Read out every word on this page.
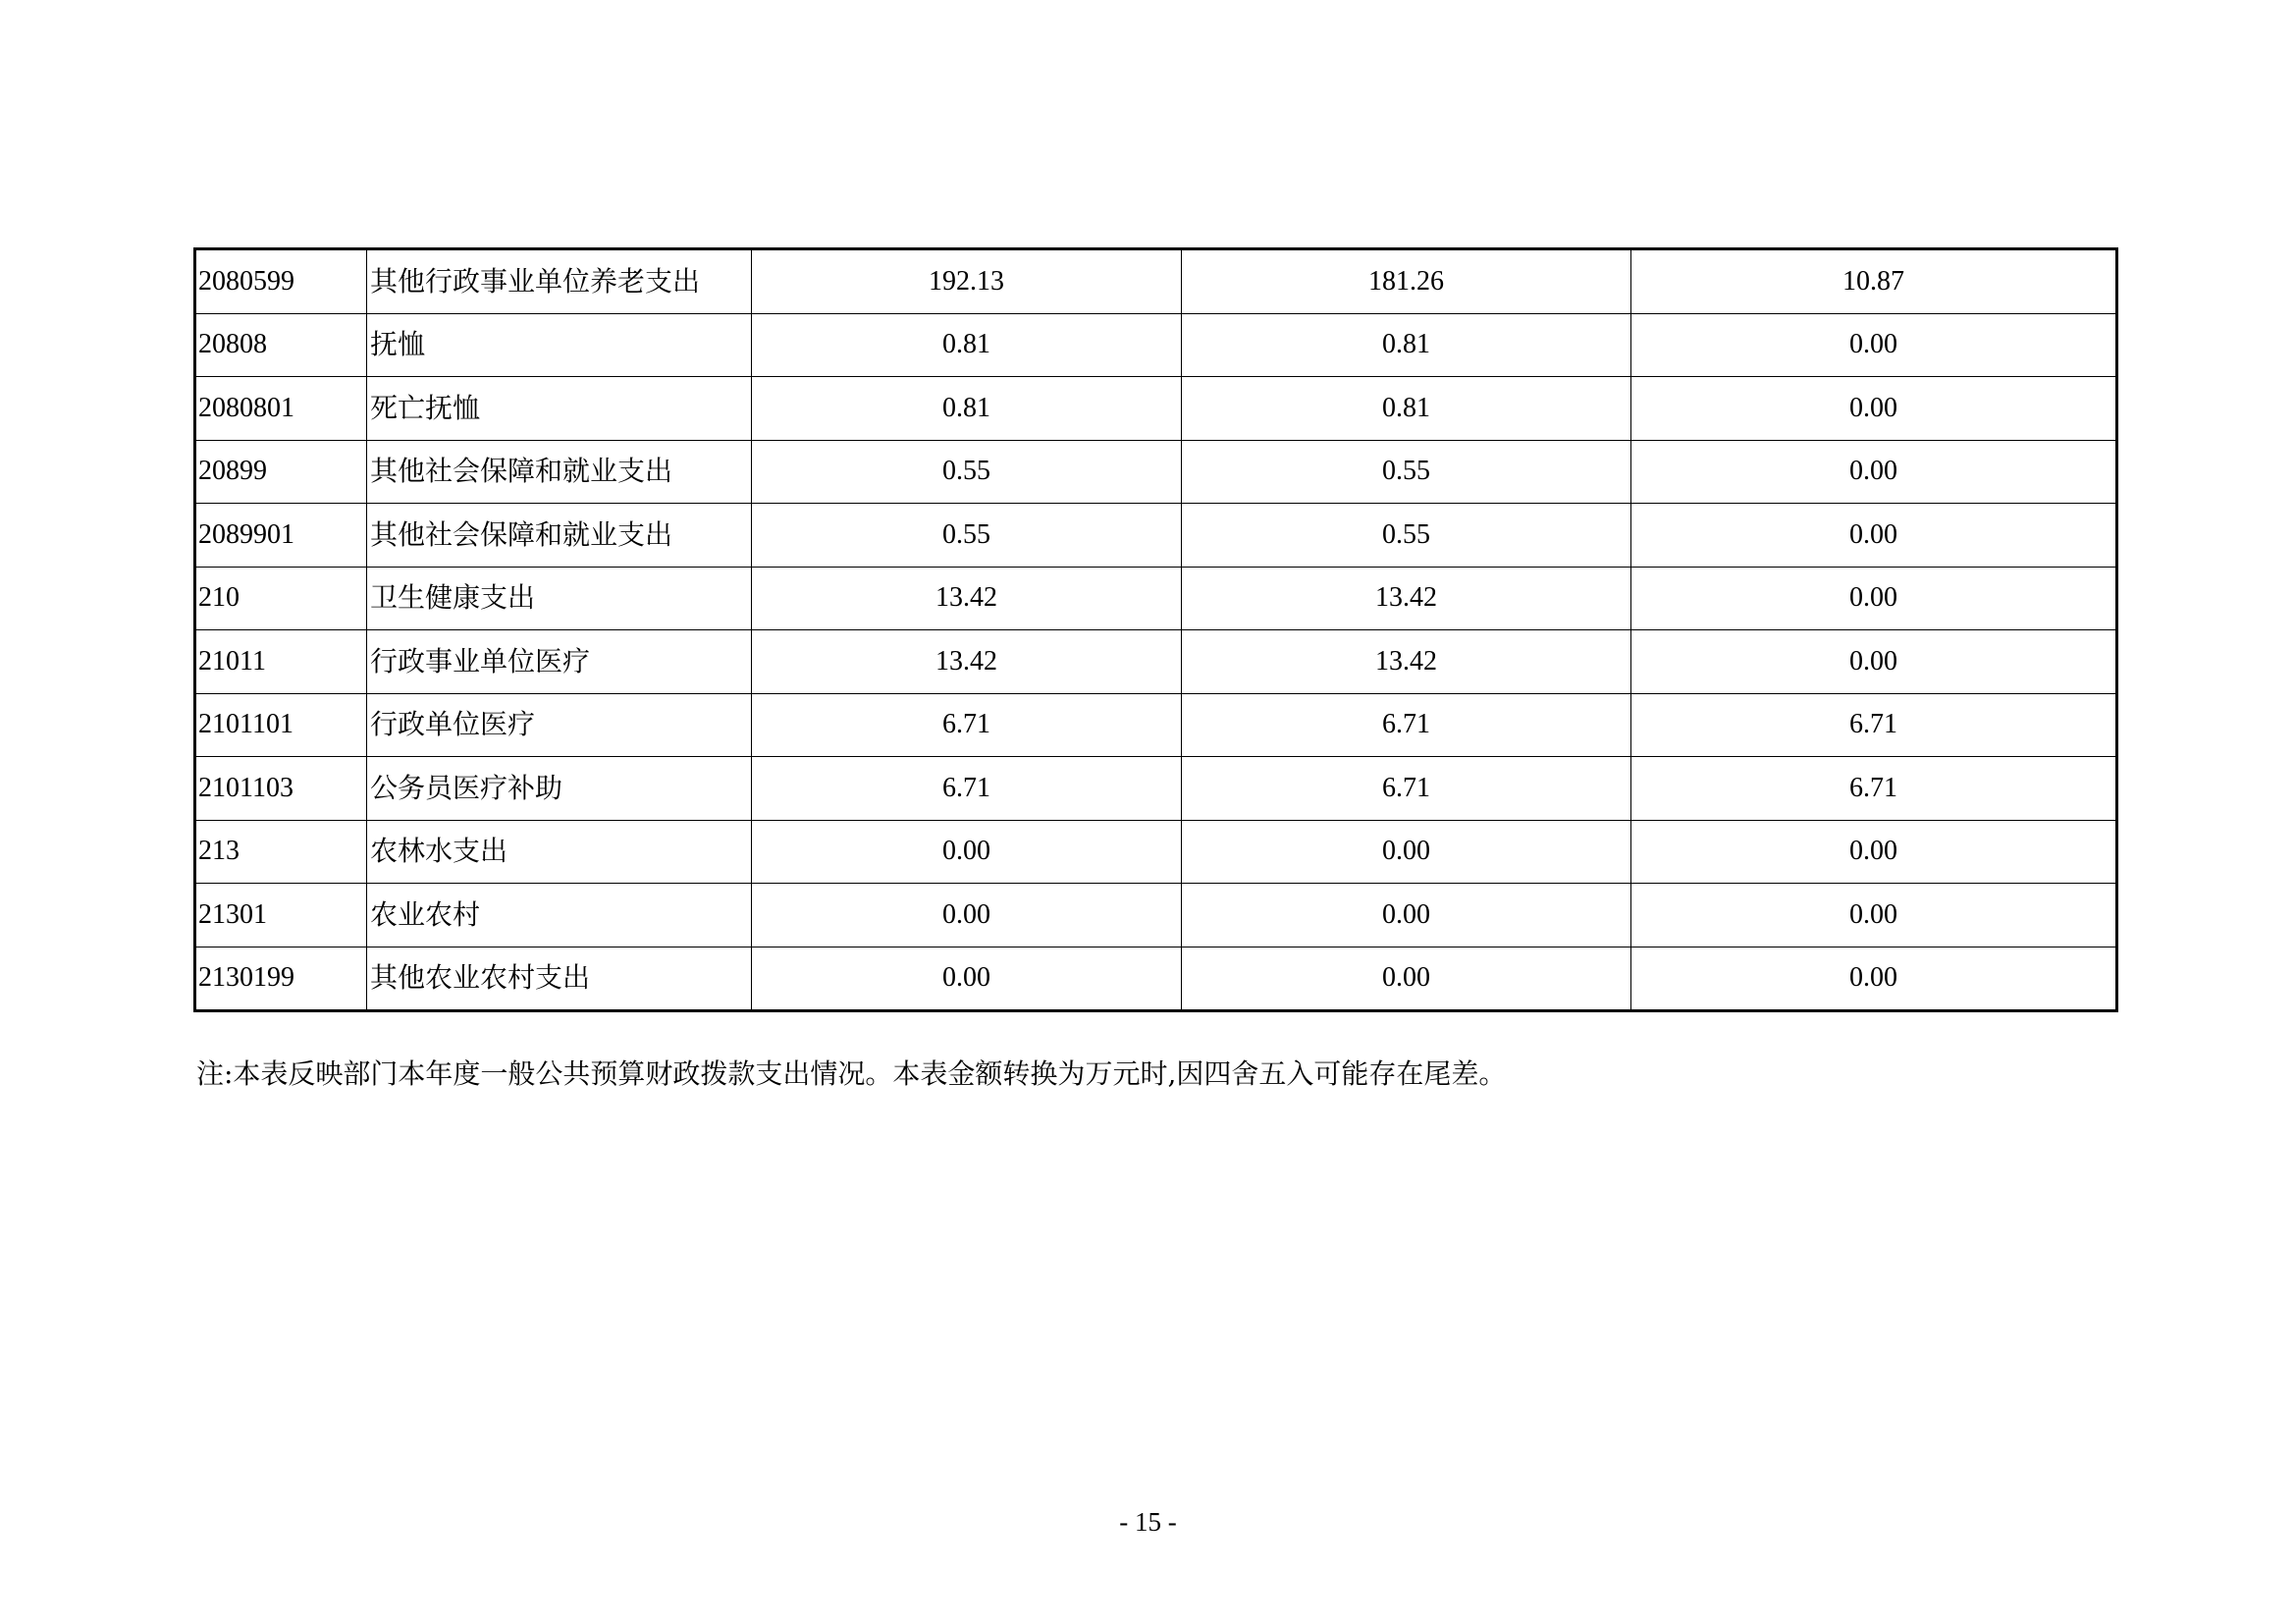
2080599	其他行政事业单位养老支出	192.13	181.26	10.87
20808	抚恤	0.81	0.81	0.00
2080801	死亡抚恤	0.81	0.81	0.00
20899	其他社会保障和就业支出	0.55	0.55	0.00
2089901	其他社会保障和就业支出	0.55	0.55	0.00
210	卫生健康支出	13.42	13.42	0.00
21011	行政事业单位医疗	13.42	13.42	0.00
2101101	行政单位医疗	6.71	6.71	6.71
2101103	公务员医疗补助	6.71	6.71	6.71
213	农林水支出	0.00	0.00	0.00
21301	农业农村	0.00	0.00	0.00
2130199	其他农业农村支出	0.00	0.00	0.00
注:本表反映部门本年度一般公共预算财政拨款支出情况。本表金额转换为万元时,因四舍五入可能存在尾差。
- 15 -
